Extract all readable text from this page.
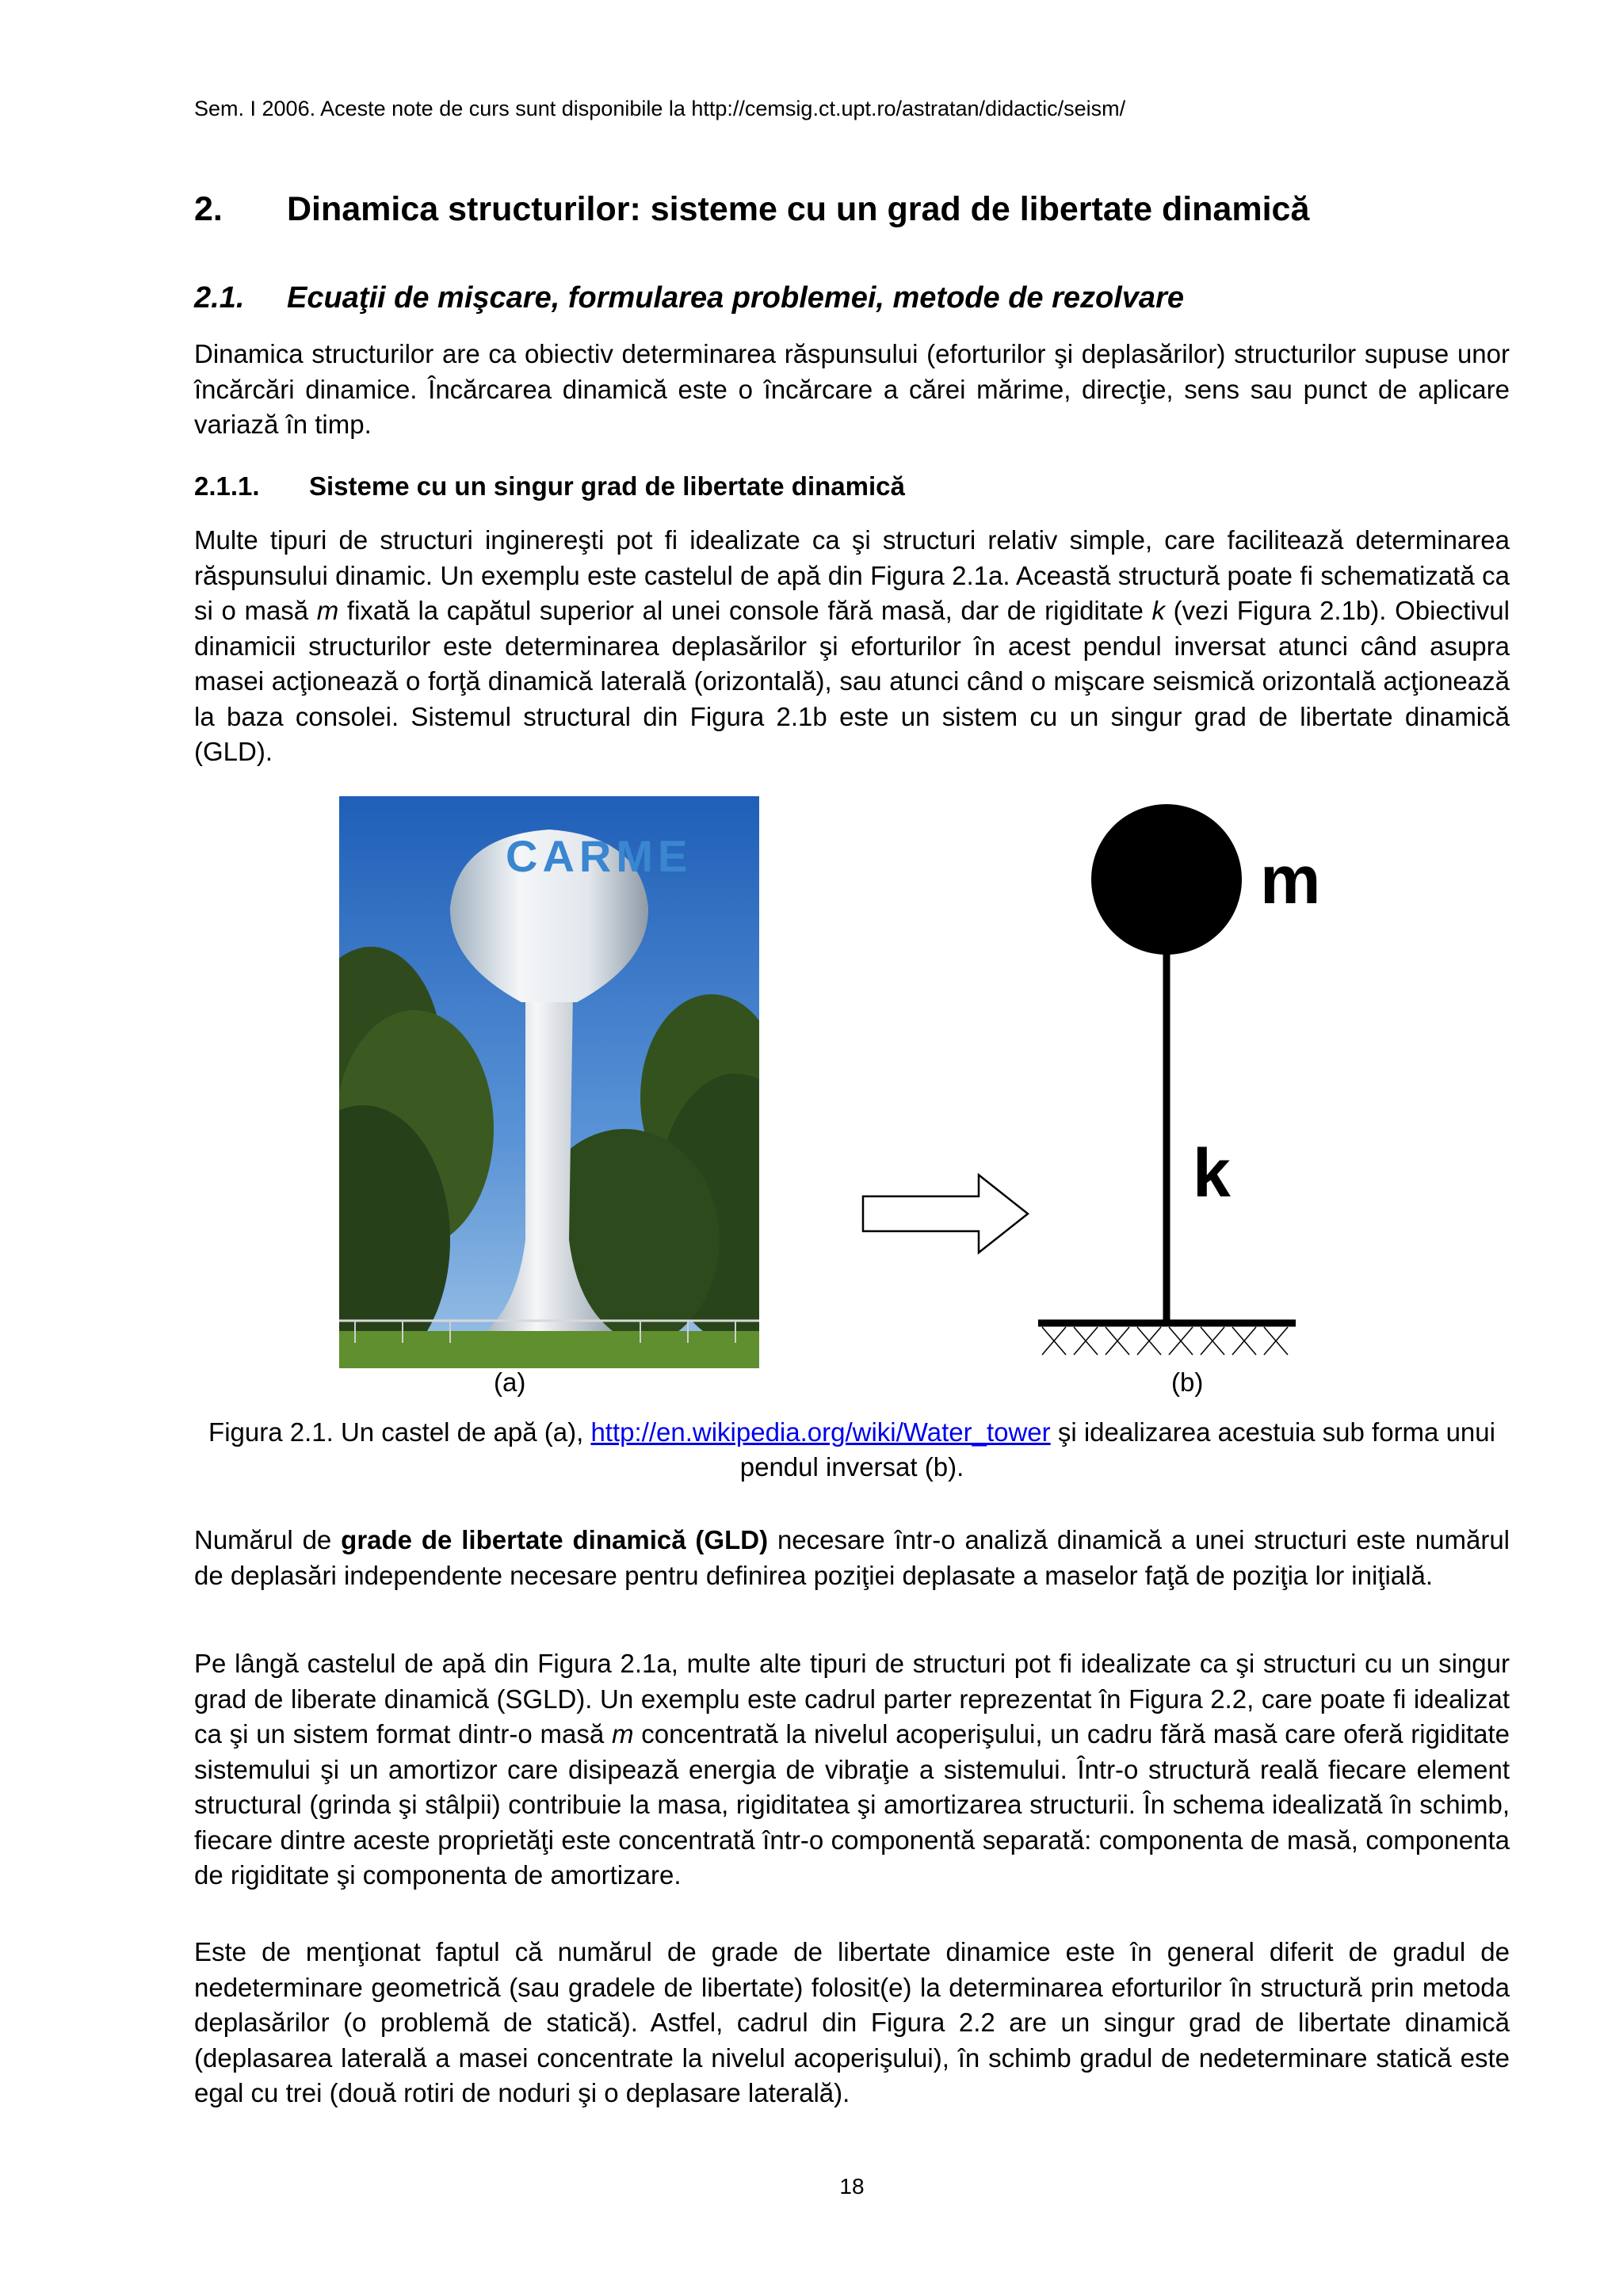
Sem. I 2006. Aceste note de curs sunt disponibile la http://cemsig.ct.upt.ro/astratan/didactic/seism/
2. Dinamica structurilor: sisteme cu un grad de libertate dinamică
2.1. Ecuaţii de mişcare, formularea problemei, metode de rezolvare

Dinamica structurilor are ca obiectiv determinarea răspunsului (eforturilor şi deplasărilor) structurilor supuse unor încărcări dinamice. Încărcarea dinamică este o încărcare a cărei mărime, direcţie, sens sau punct de aplicare variază în timp.

2.1.1. Sisteme cu un singur grad de libertate dinamică

Multe tipuri de structuri inginereşti pot fi idealizate ca şi structuri relativ simple, care facilitează determinarea răspunsului dinamic. Un exemplu este castelul de apă din Figura 2.1a. Această structură poate fi schematizată ca si o masă m fixată la capătul superior al unei console fără masă, dar de rigiditate k (vezi Figura 2.1b). Obiectivul dinamicii structurilor este determinarea deplasărilor şi eforturilor în acest pendul inversat atunci când asupra masei acţionează o forţă dinamică laterală (orizontală), sau atunci când o mişcare seismică orizontală acţionează la baza consolei. Sistemul structural din Figura 2.1b este un sistem cu un singur grad de libertate dinamică (GLD).

CARME	m
k
(a)	(b)
Figura 2.1. Un castel de apă (a), http://en.wikipedia.org/wiki/Water_tower şi idealizarea acestuia sub forma unui pendul inversat (b).

Numărul de grade de libertate dinamică (GLD) necesare într-o analiză dinamică a unei structuri este numărul de deplasări independente necesare pentru definirea poziţiei deplasate a maselor faţă de poziţia lor iniţială.

Pe lângă castelul de apă din Figura 2.1a, multe alte tipuri de structuri pot fi idealizate ca şi structuri cu un singur grad de liberate dinamică (SGLD). Un exemplu este cadrul parter reprezentat în Figura 2.2, care poate fi idealizat ca şi un sistem format dintr-o masă m concentrată la nivelul acoperişului, un cadru fără masă care oferă rigiditate sistemului şi un amortizor care disipează energia de vibraţie a sistemului. Într-o structură reală fiecare element structural (grinda şi stâlpii) contribuie la masa, rigiditatea şi amortizarea structurii. În schema idealizată în schimb, fiecare dintre aceste proprietăţi este concentrată într-o componentă separată: componenta de masă, componenta de rigiditate şi componenta de amortizare.

Este de menţionat faptul că numărul de grade de libertate dinamice este în general diferit de gradul de nedeterminare geometrică (sau gradele de libertate) folosit(e) la determinarea eforturilor în structură prin metoda deplasărilor (o problemă de statică). Astfel, cadrul din Figura 2.2 are un singur grad de libertate dinamică (deplasarea laterală a masei concentrate la nivelul acoperişului), în schimb gradul de nedeterminare statică este egal cu trei (două rotiri de noduri şi o deplasare laterală).

18
